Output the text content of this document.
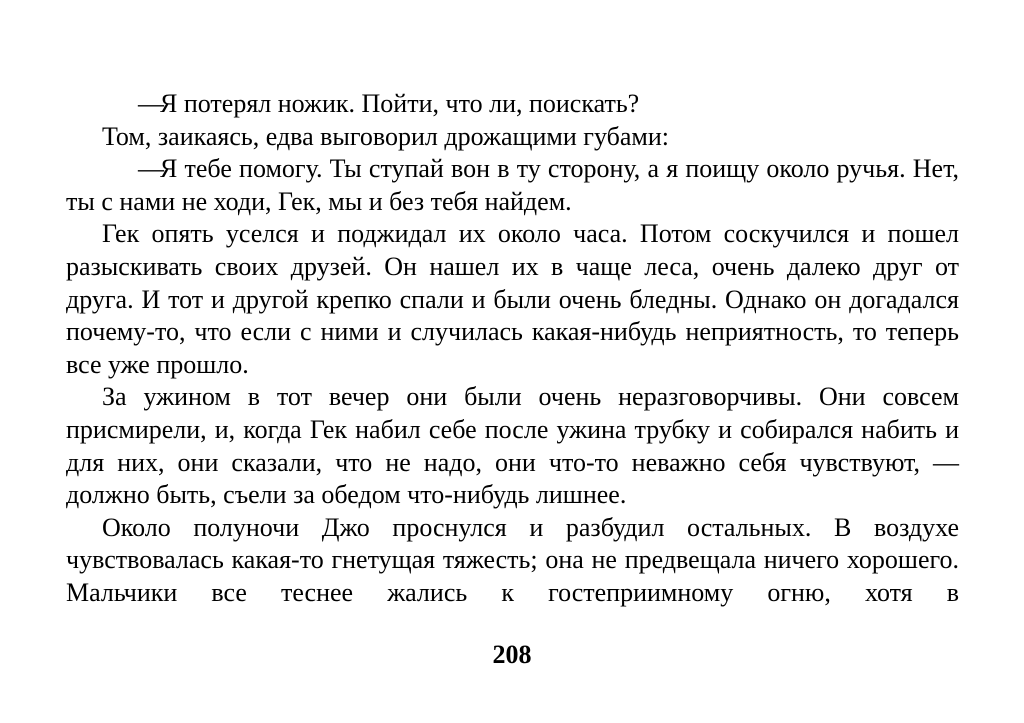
—Я потерял ножик. Пойти, что ли, поискать?

Том, заикаясь, едва выговорил дрожащими губами:

—Я тебе помогу. Ты ступай вон в ту сторону, а я поищу около ручья. Нет, ты с нами не ходи, Гек, мы и без тебя найдем.

Гек опять уселся и поджидал их около часа. Потом соскучился и пошел разыскивать своих друзей. Он нашел их в чаще леса, очень далеко друг от друга. И тот и другой крепко спали и были очень бледны. Однако он догадался почему-то, что если с ними и случилась какая-нибудь неприятность, то теперь все уже прошло.

За ужином в тот вечер они были очень неразговорчивы. Они совсем присмирели, и, когда Гек набил себе после ужина трубку и собирался набить и для них, они сказали, что не надо, они что-то неважно себя чувствуют, — должно быть, съели за обедом что-нибудь лишнее.

Около полуночи Джо проснулся и разбудил остальных. В воздухе чувствовалась какая-то гнетущая тяжесть; она не предвещала ничего хорошего. Мальчики все теснее жались к гостеприимному огню, хотя в

208
